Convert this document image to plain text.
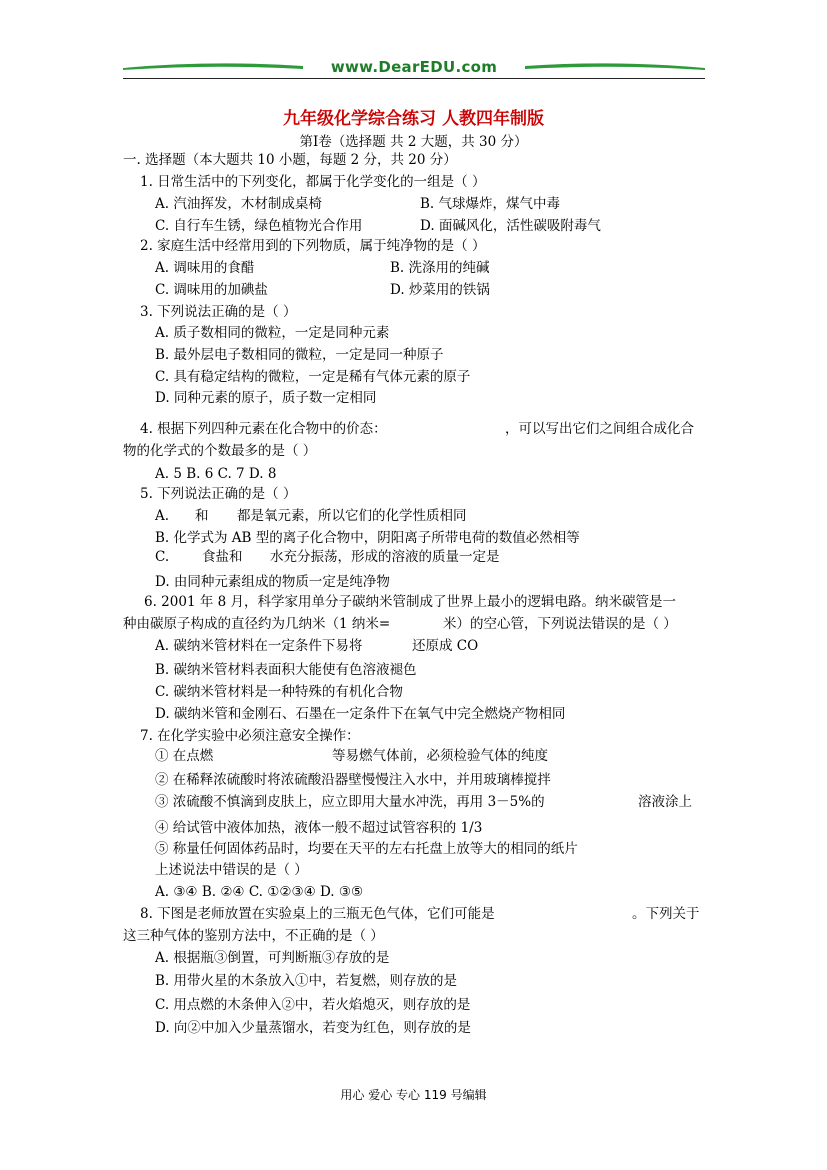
www.DearEDU.com
九年级化学综合练习 人教四年制版
第Ⅰ卷（选择题 共 2 大题，共 30 分）
一. 选择题（本大题共 10 小题，每题 2 分，共 20 分）
1. 日常生活中的下列变化，都属于化学变化的一组是（ ）
A. 汽油挥发，木材制成桌椅	B. 气球爆炸，煤气中毒
C. 自行车生锈，绿色植物光合作用	D. 面碱风化，活性碳吸附毒气
2. 家庭生活中经常用到的下列物质，属于纯净物的是（ ）
A. 调味用的食醋	B. 洗涤用的纯碱
C. 调味用的加碘盐	D. 炒菜用的铁锅
3. 下列说法正确的是（ ）
A. 质子数相同的微粒，一定是同种元素
B. 最外层电子数相同的微粒，一定是同一种原子
C. 具有稳定结构的微粒，一定是稀有气体元素的原子
D. 同种元素的原子，质子数一定相同
4. 根据下列四种元素在化合物中的价态：	，可以写出它们之间组合成化合
物的化学式的个数最多的是（ ）
A. 5 B. 6 C. 7 D. 8
5. 下列说法正确的是（ ）
A. 和 都是氧元素，所以它们的化学性质相同
B. 化学式为 AB 型的离子化合物中，阴阳离子所带电荷的数值必然相等
C. 食盐和 水充分振荡，形成的溶液的质量一定是
D. 由同种元素组成的物质一定是纯净物
6. 2001 年 8 月，科学家用单分子碳纳米管制成了世界上最小的逻辑电路。纳米碳管是一
种由碳原子构成的直径约为几纳米（1 纳米=	米）的空心管，下列说法错误的是（ ）
A. 碳纳米管材料在一定条件下易将	还原成 CO
B. 碳纳米管材料表面积大能使有色溶液褪色
C. 碳纳米管材料是一种特殊的有机化合物
D. 碳纳米管和金刚石、石墨在一定条件下在氧气中完全燃烧产物相同
7. 在化学实验中必须注意安全操作：
① 在点燃	等易燃气体前，必须检验气体的纯度
② 在稀释浓硫酸时将浓硫酸沿器壁慢慢注入水中，并用玻璃棒搅拌
③ 浓硫酸不慎滴到皮肤上，应立即用大量水冲洗，再用 3－5%的	溶液涂上
④ 给试管中液体加热，液体一般不超过试管容积的 1/3
⑤ 称量任何固体药品时，均要在天平的左右托盘上放等大的相同的纸片
上述说法中错误的是（ ）
A. ③④ B. ②④ C. ①②③④ D. ③⑤
8. 下图是老师放置在实验桌上的三瓶无色气体，它们可能是	。下列关于
这三种气体的鉴别方法中，不正确的是（ ）
A. 根据瓶③倒置，可判断瓶③存放的是
B. 用带火星的木条放入①中，若复燃，则存放的是
C. 用点燃的木条伸入②中，若火焰熄灭，则存放的是
D. 向②中加入少量蒸馏水，若变为红色，则存放的是
用心 爱心 专心 119 号编辑
